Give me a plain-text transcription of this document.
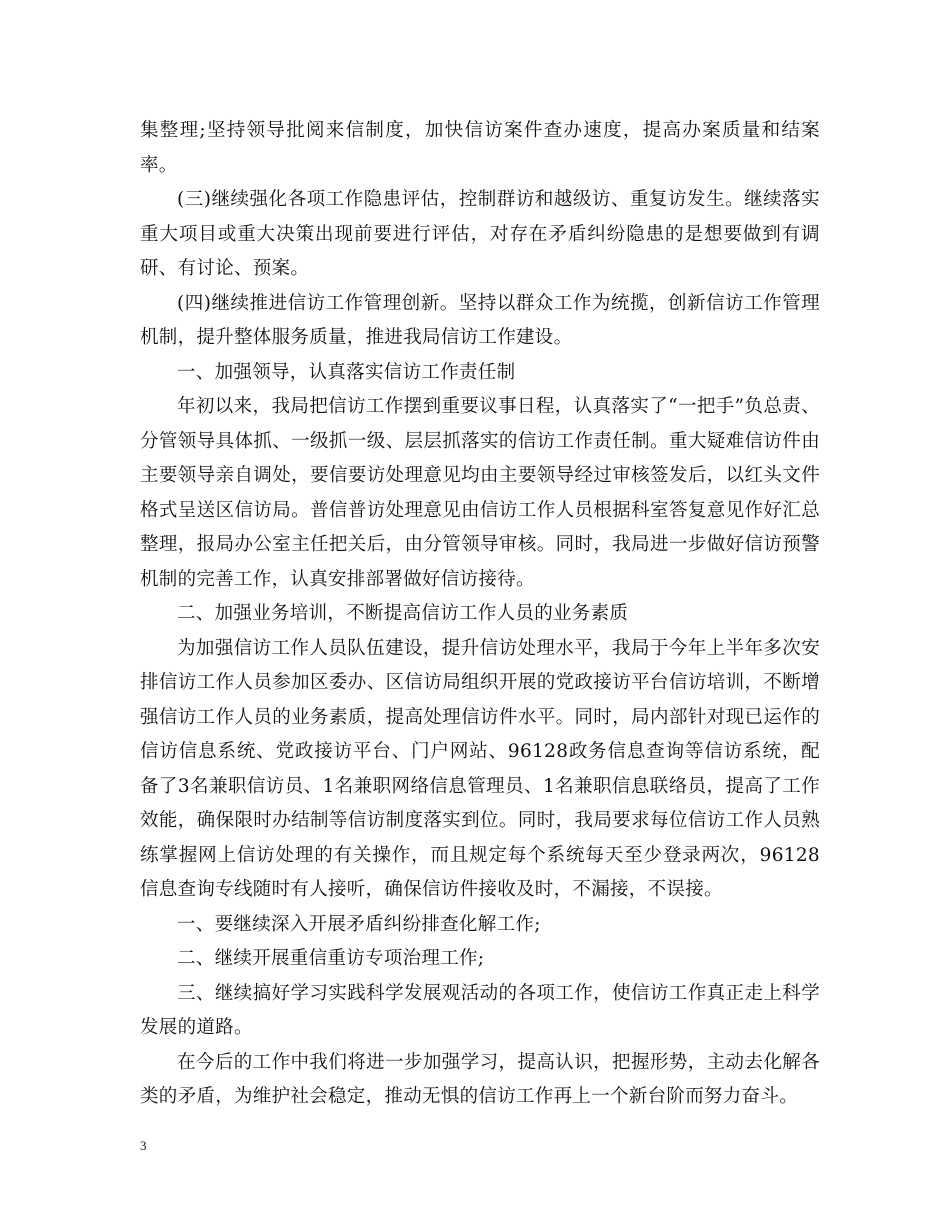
集整理;坚持领导批阅来信制度，加快信访案件查办速度，提高办案质量和结案率。

(三)继续强化各项工作隐患评估，控制群访和越级访、重复访发生。继续落实重大项目或重大决策出现前要进行评估，对存在矛盾纠纷隐患的是想要做到有调研、有讨论、预案。

(四)继续推进信访工作管理创新。坚持以群众工作为统揽，创新信访工作管理机制，提升整体服务质量，推进我局信访工作建设。

一、加强领导，认真落实信访工作责任制

年初以来，我局把信访工作摆到重要议事日程，认真落实了“一把手”负总责、分管领导具体抓、一级抓一级、层层抓落实的信访工作责任制。重大疑难信访件由主要领导亲自调处，要信要访处理意见均由主要领导经过审核签发后，以红头文件格式呈送区信访局。普信普访处理意见由信访工作人员根据科室答复意见作好汇总整理，报局办公室主任把关后，由分管领导审核。同时，我局进一步做好信访预警机制的完善工作，认真安排部署做好信访接待。

二、加强业务培训，不断提高信访工作人员的业务素质

为加强信访工作人员队伍建设，提升信访处理水平，我局于今年上半年多次安排信访工作人员参加区委办、区信访局组织开展的党政接访平台信访培训，不断增强信访工作人员的业务素质，提高处理信访件水平。同时，局内部针对现已运作的信访信息系统、党政接访平台、门户网站、96128政务信息查询等信访系统，配备了3名兼职信访员、1名兼职网络信息管理员、1名兼职信息联络员，提高了工作效能，确保限时办结制等信访制度落实到位。同时，我局要求每位信访工作人员熟练掌握网上信访处理的有关操作，而且规定每个系统每天至少登录两次，96128信息查询专线随时有人接听，确保信访件接收及时，不漏接，不误接。

一、要继续深入开展矛盾纠纷排查化解工作;

二、继续开展重信重访专项治理工作;

三、继续搞好学习实践科学发展观活动的各项工作，使信访工作真正走上科学发展的道路。

在今后的工作中我们将进一步加强学习，提高认识，把握形势，主动去化解各类的矛盾，为维护社会稳定，推动无惧的信访工作再上一个新台阶而努力奋斗。

3
